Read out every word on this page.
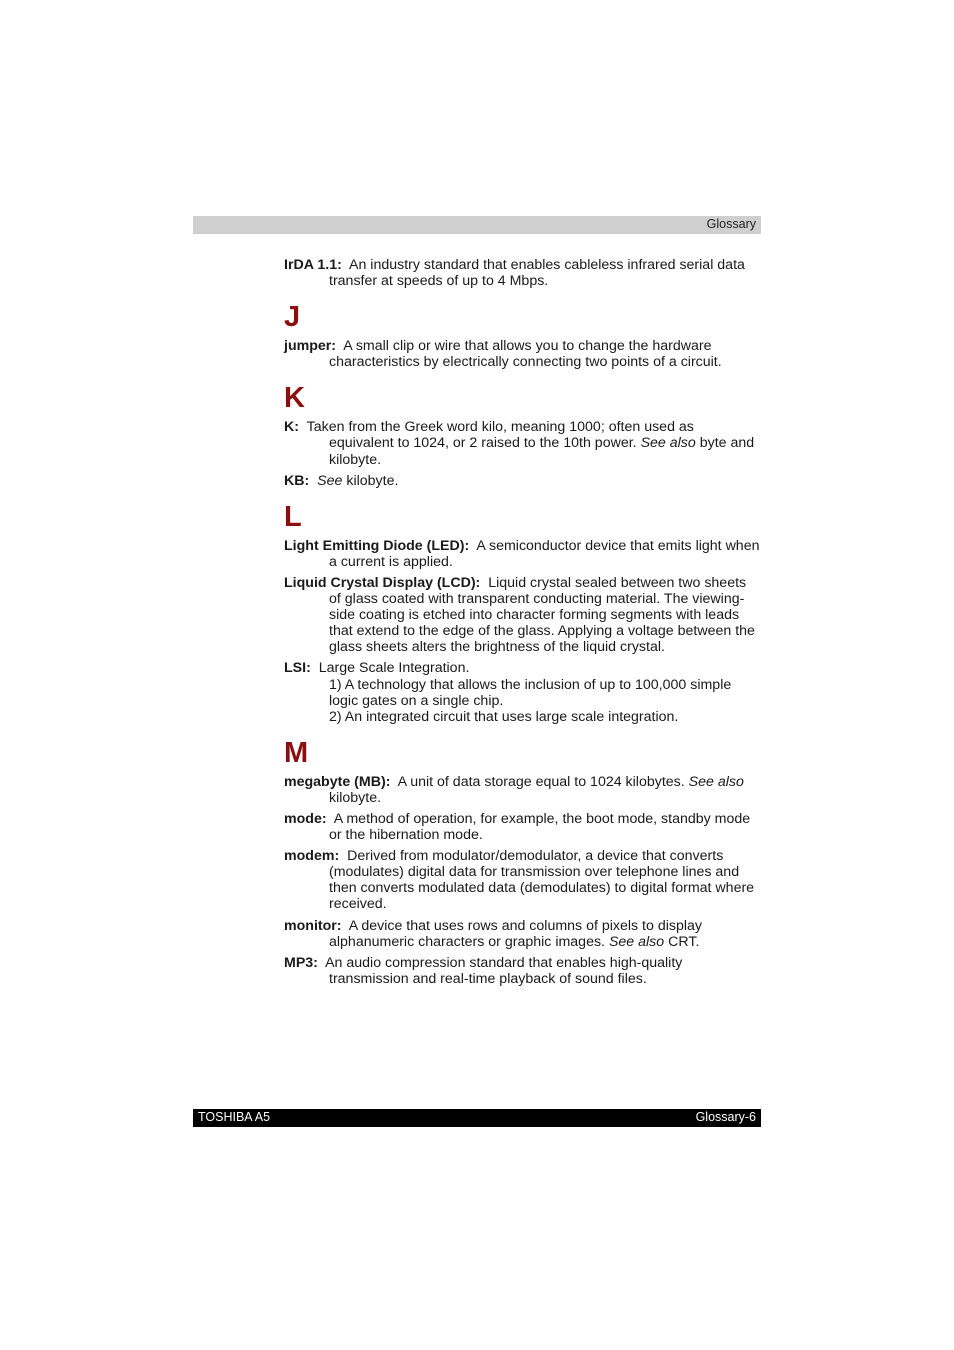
Glossary

IrDA 1.1: An industry standard that enables cableless infrared serial data transfer at speeds of up to 4 Mbps.

J

jumper: A small clip or wire that allows you to change the hardware characteristics by electrically connecting two points of a circuit.

K

K: Taken from the Greek word kilo, meaning 1000; often used as equivalent to 1024, or 2 raised to the 10th power. See also byte and kilobyte.

KB: See kilobyte.

L

Light Emitting Diode (LED): A semiconductor device that emits light when a current is applied.

Liquid Crystal Display (LCD): Liquid crystal sealed between two sheets of glass coated with transparent conducting material. The viewing-side coating is etched into character forming segments with leads that extend to the edge of the glass. Applying a voltage between the glass sheets alters the brightness of the liquid crystal.

LSI: Large Scale Integration.
1) A technology that allows the inclusion of up to 100,000 simple logic gates on a single chip.
2) An integrated circuit that uses large scale integration.

M

megabyte (MB): A unit of data storage equal to 1024 kilobytes. See also kilobyte.

mode: A method of operation, for example, the boot mode, standby mode or the hibernation mode.

modem: Derived from modulator/demodulator, a device that converts (modulates) digital data for transmission over telephone lines and then converts modulated data (demodulates) to digital format where received.

monitor: A device that uses rows and columns of pixels to display alphanumeric characters or graphic images. See also CRT.

MP3: An audio compression standard that enables high-quality transmission and real-time playback of sound files.

TOSHIBA A5	Glossary-6
